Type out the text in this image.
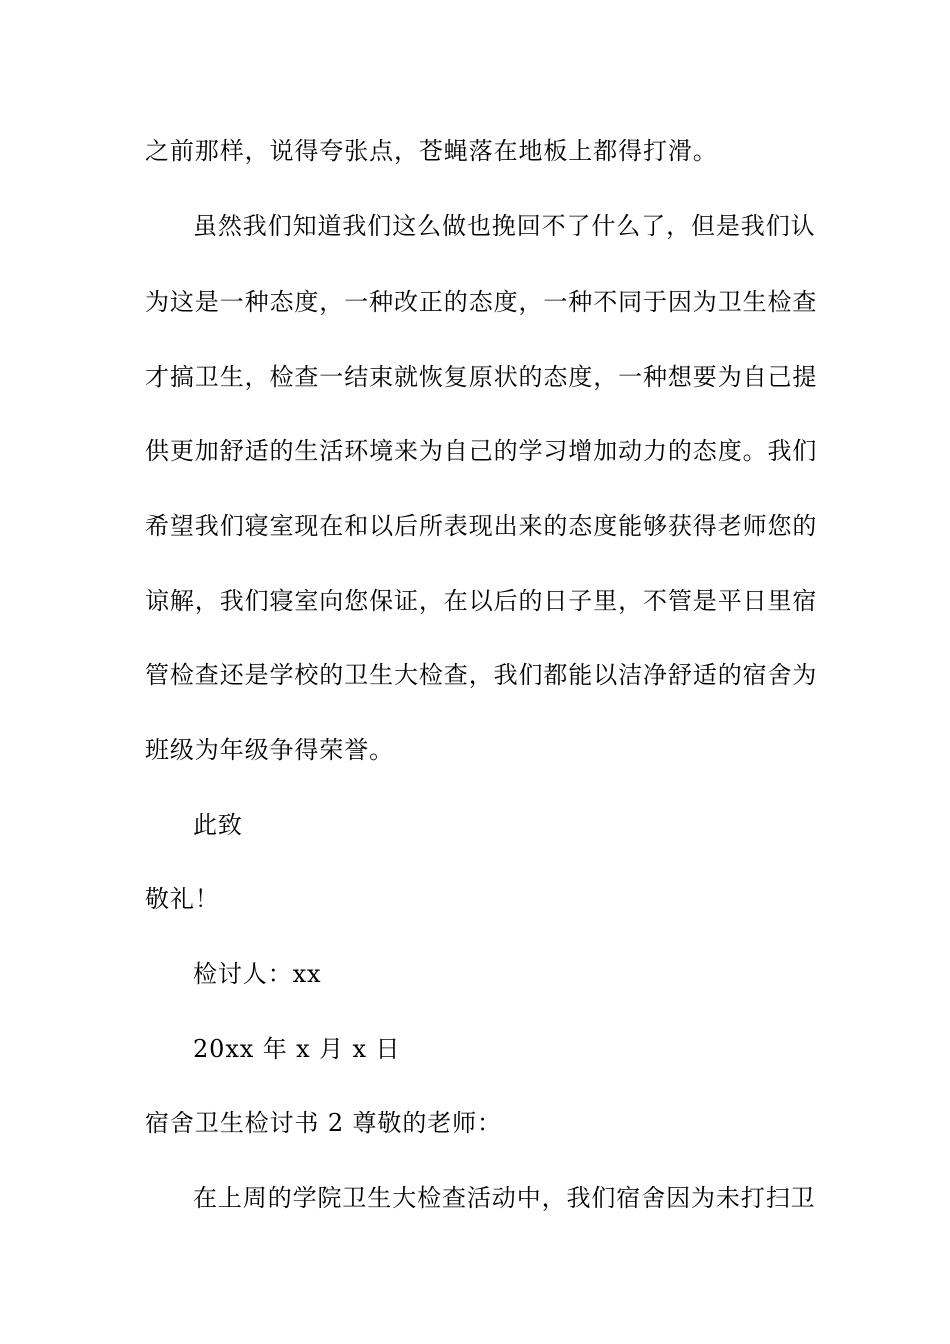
之前那样，说得夸张点，苍蝇落在地板上都得打滑。
虽然我们知道我们这么做也挽回不了什么了，但是我们认
为这是一种态度，一种改正的态度，一种不同于因为卫生检查
才搞卫生，检查一结束就恢复原状的态度，一种想要为自己提
供更加舒适的生活环境来为自己的学习增加动力的态度。我们
希望我们寝室现在和以后所表现出来的态度能够获得老师您的
谅解，我们寝室向您保证，在以后的日子里，不管是平日里宿
管检查还是学校的卫生大检查，我们都能以洁净舒适的宿舍为
班级为年级争得荣誉。
此致
敬礼！
检讨人：xx
20xx 年 x 月 x 日
宿舍卫生检讨书 2 尊敬的老师：
在上周的学院卫生大检查活动中，我们宿舍因为未打扫卫
